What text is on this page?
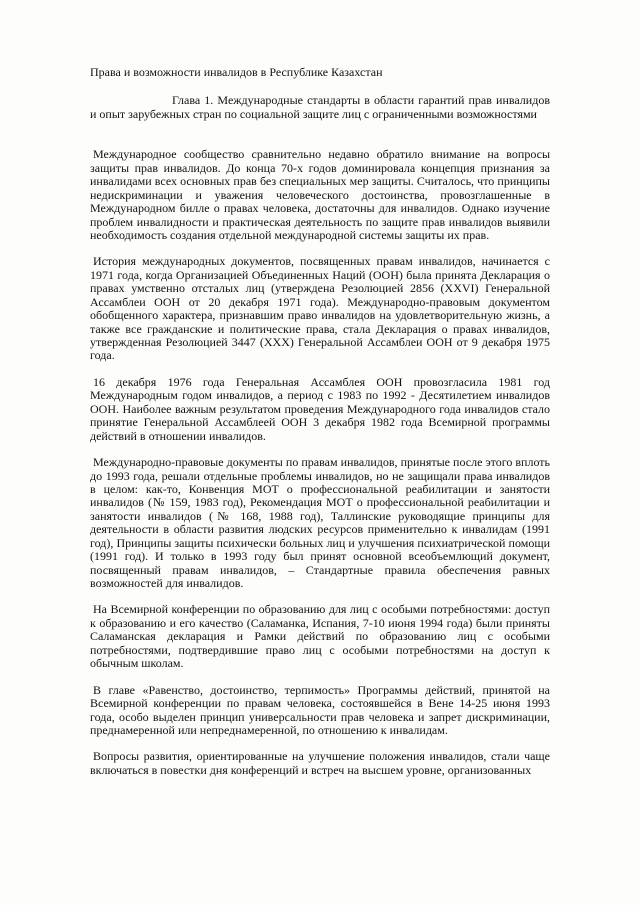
Права и возможности инвалидов в Республике Казахстан

Глава 1. Международные стандарты в области гарантий прав инвалидов и опыт зарубежных стран по социальной защите лиц с ограниченными возможностями

Международное сообщество сравнительно недавно обратило внимание на вопросы защиты прав инвалидов. До конца 70-х годов доминировала концепция признания за инвалидами всех основных прав без специальных мер защиты. Считалось, что принципы недискриминации и уважения человеческого достоинства, провозглашенные в Международном билле о правах человека, достаточны для инвалидов. Однако изучение проблем инвалидности и практическая деятельность по защите прав инвалидов выявили необходимость создания отдельной международной системы защиты их прав.

История международных документов, посвященных правам инвалидов, начинается с 1971 года, когда Организацией Объединенных Наций (ООН) была принята Декларация о правах умственно отсталых лиц (утверждена Резолюцией 2856 (XXVI) Генеральной Ассамблеи ООН от 20 декабря 1971 года). Международно-правовым документом обобщенного характера, признавшим право инвалидов на удовлетворительную жизнь, а также все гражданские и политические права, стала Декларация о правах инвалидов, утвержденная Резолюцией 3447 (XXX) Генеральной Ассамблеи ООН от 9 декабря 1975 года.

16 декабря 1976 года Генеральная Ассамблея ООН провозгласила 1981 год Международным годом инвалидов, а период с 1983 по 1992 - Десятилетием инвалидов ООН. Наиболее важным результатом проведения Международного года инвалидов стало принятие Генеральной Ассамблеей ООН 3 декабря 1982 года Всемирной программы действий в отношении инвалидов.

Международно-правовые документы по правам инвалидов, принятые после этого вплоть до 1993 года, решали отдельные проблемы инвалидов, но не защищали права инвалидов в целом: как-то, Конвенция МОТ о профессиональной реабилитации и занятости инвалидов (№ 159, 1983 год), Рекомендация МОТ о профессиональной реабилитации и занятости инвалидов (№ 168, 1988 год), Таллинские руководящие принципы для деятельности в области развития людских ресурсов применительно к инвалидам (1991 год), Принципы защиты психически больных лиц и улучшения психиатрической помощи (1991 год). И только в 1993 году был принят основной всеобъемлющий документ, посвященный правам инвалидов, – Стандартные правила обеспечения равных возможностей для инвалидов.

На Всемирной конференции по образованию для лиц с особыми потребностями: доступ к образованию и его качество (Саламанка, Испания, 7-10 июня 1994 года) были приняты Саламанская декларация и Рамки действий по образованию лиц с особыми потребностями, подтвердившие право лиц с особыми потребностями на доступ к обычным школам.

В главе «Равенство, достоинство, терпимость» Программы действий, принятой на Всемирной конференции по правам человека, состоявшейся в Вене 14-25 июня 1993 года, особо выделен принцип универсальности прав человека и запрет дискриминации, преднамеренной или непреднамеренной, по отношению к инвалидам.

Вопросы развития, ориентированные на улучшение положения инвалидов, стали чаще включаться в повестки дня конференций и встреч на высшем уровне, организованных
